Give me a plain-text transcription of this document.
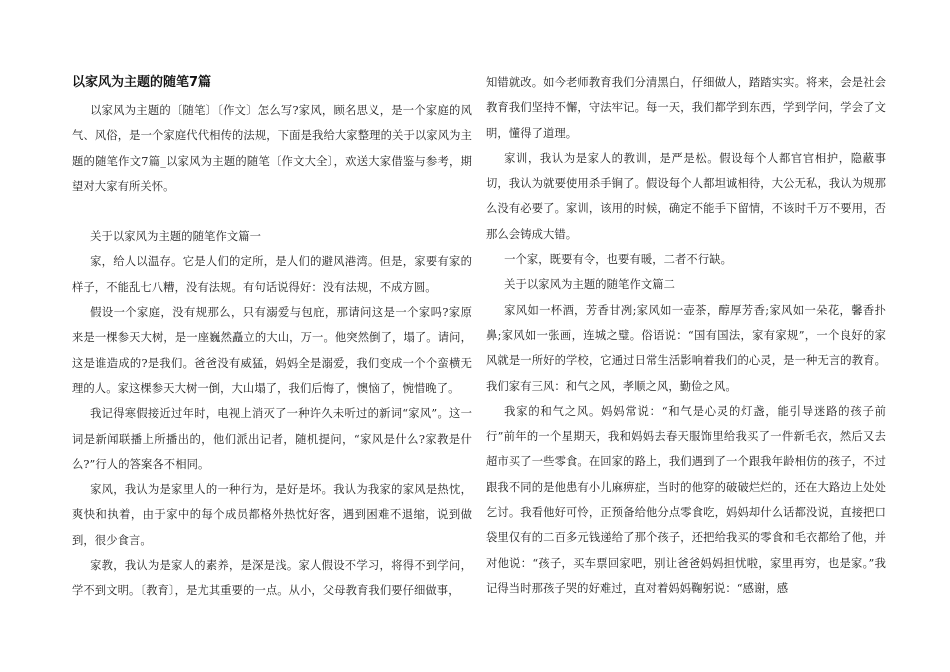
以家风为主题的随笔7篇

以家风为主题的〔随笔〕〔作文〕怎么写?家风，顾名思义，是一个家庭的风气、风俗，是一个家庭代代相传的法规，下面是我给大家整理的关于以家风为主题的随笔作文7篇_以家风为主题的随笔〔作文大全〕，欢送大家借鉴与参考，期望对大家有所关怀。

关于以家风为主题的随笔作文篇一

家，给人以温存。它是人们的定所，是人们的避风港湾。但是，家要有家的样子，不能乱七八糟，没有法规。有句话说得好：没有法规，不成方圆。

假设一个家庭，没有规那么，只有溺爱与包庇，那请问这是一个家吗?家原来是一棵参天大树，是一座巍然矗立的大山，万一。他突然倒了，塌了。请问，这是谁造成的?是我们。爸爸没有威猛，妈妈全是溺爱，我们变成一个个蛮横无理的人。家这棵参天大树一倒，大山塌了，我们后悔了，懊恼了，惋惜晚了。

我记得寒假接近过年时，电视上消灭了一种许久未听过的新词“家风”。这一词是新闻联播上所播出的，他们派出记者，随机提问，“家风是什么?家教是什么?”行人的答案各不相同。

家风，我认为是家里人的一种行为，是好是坏。我认为我家的家风是热忱，爽快和执着，由于家中的每个成员都格外热忱好客，遇到困难不退缩，说到做到，很少食言。

家教，我认为是家人的素养，是深是浅。家人假设不学习，将得不到学问，学不到文明。〔教育〕，是尤其重要的一点。从小，父母教育我们要仔细做事，

知错就改。如今老师教育我们分清黑白，仔细做人，踏踏实实。将来，会是社会教育我们坚持不懈，守法牢记。每一天，我们都学到东西，学到学问，学会了文明，懂得了道理。

家训，我认为是家人的教训，是严是松。假设每个人都官官相护，隐蔽事切，我认为就要使用杀手锏了。假设每个人都坦诚相待，大公无私，我认为规那么没有必要了。家训，该用的时候，确定不能手下留情，不该时千万不要用，否那么会铸成大错。

一个家，既要有令，也要有暖，二者不行缺。

关于以家风为主题的随笔作文篇二

家风如一杯酒，芳香甘冽;家风如一壶茶，醇厚芳香;家风如一朵花，馨香扑鼻;家风如一张画，连城之璧。俗语说：“国有国法，家有家规”，一个良好的家风就是一所好的学校，它通过日常生活影响着我们的心灵，是一种无言的教育。我们家有三风：和气之风，孝顺之风，勤俭之风。

我家的和气之风。妈妈常说：“和气是心灵的灯盏，能引导迷路的孩子前行”前年的一个星期天，我和妈妈去春天服饰里给我买了一件新毛衣，然后又去超市买了一些零食。在回家的路上，我们遇到了一个跟我年龄相仿的孩子，不过跟我不同的是他患有小儿麻痹症，当时的他穿的破破烂烂的，还在大路边上处处乞讨。我看他好可怜，正预备给他分点零食吃，妈妈却什么话都没说，直接把口袋里仅有的二百多元钱递给了那个孩子，还把给我买的零食和毛衣都给了他，并对他说：“孩子，买车票回家吧，别让爸爸妈妈担忧啦，家里再穷，也是家。”我记得当时那孩子哭的好难过，直对着妈妈鞠躬说：“感谢，感
